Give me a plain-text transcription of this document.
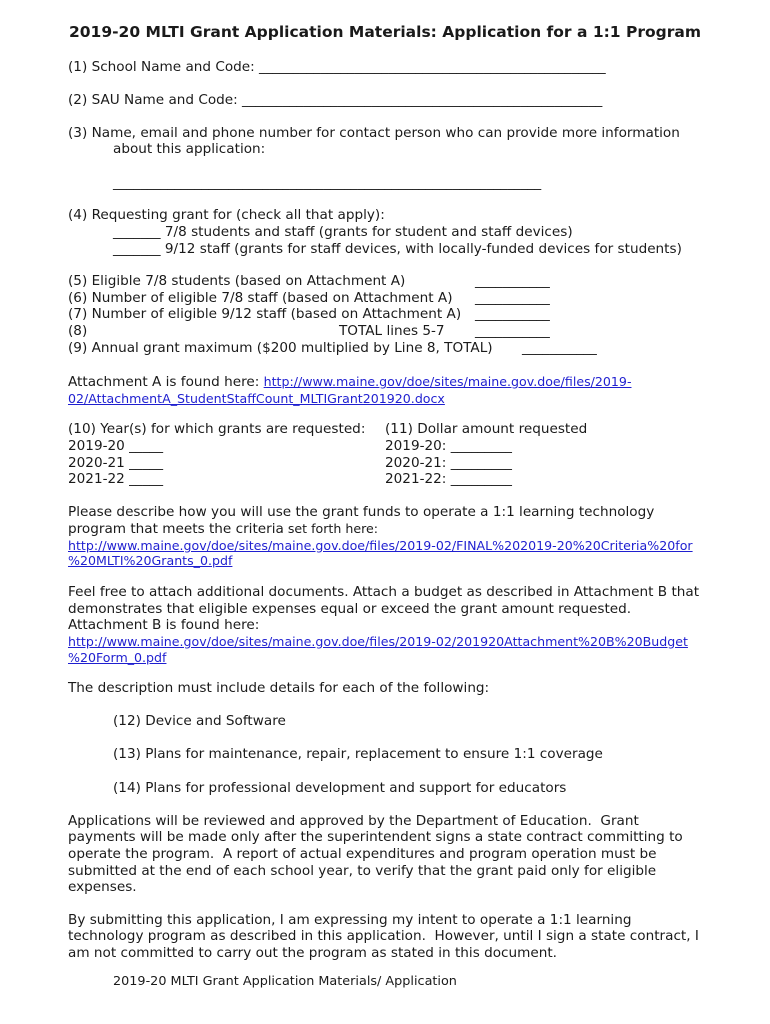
2019-20 MLTI Grant Application Materials: Application for a 1:1 Program
(1) School Name and Code: ___________________________________________________
(2) SAU Name and Code: _____________________________________________________
(3) Name, email and phone number for contact person who can provide more information
about this application:
_______________________________________________________________
(4) Requesting grant for (check all that apply):
_______ 7/8 students and staff (grants for student and staff devices)
_______ 9/12 staff (grants for staff devices, with locally-funded devices for students)
(5) Eligible 7/8 students (based on Attachment A)	___________
(6) Number of eligible 7/8 staff (based on Attachment A) ___________
(7) Number of eligible 9/12 staff (based on Attachment A) ___________
(8)	TOTAL lines 5-7 ___________
(9) Annual grant maximum ($200 multiplied by Line 8, TOTAL) ___________
Attachment A is found here: http://www.maine.gov/doe/sites/maine.gov.doe/files/2019-
02/AttachmentA_StudentStaffCount_MLTIGrant201920.docx
(10) Year(s) for which grants are requested:
2019-20 _____
2020-21 _____
2021-22 _____
(11) Dollar amount requested
2019-20: _________
2020-21: _________
2021-22: _________
Please describe how you will use the grant funds to operate a 1:1 learning technology
program that meets the criteria set forth here:
http://www.maine.gov/doe/sites/maine.gov.doe/files/2019-02/FINAL%202019-20%20Criteria%20for
%20MLTI%20Grants_0.pdf
Feel free to attach additional documents. Attach a budget as described in Attachment B that
demonstrates that eligible expenses equal or exceed the grant amount requested.
Attachment B is found here:
http://www.maine.gov/doe/sites/maine.gov.doe/files/2019-02/201920Attachment%20B%20Budget
%20Form_0.pdf
The description must include details for each of the following:
(12) Device and Software
(13) Plans for maintenance, repair, replacement to ensure 1:1 coverage
(14) Plans for professional development and support for educators
Applications will be reviewed and approved by the Department of Education.  Grant
payments will be made only after the superintendent signs a state contract committing to
operate the program.  A report of actual expenditures and program operation must be
submitted at the end of each school year, to verify that the grant paid only for eligible
expenses.
By submitting this application, I am expressing my intent to operate a 1:1 learning
technology program as described in this application.  However, until I sign a state contract, I
am not committed to carry out the program as stated in this document.
2019-20 MLTI Grant Application Materials/ Application
